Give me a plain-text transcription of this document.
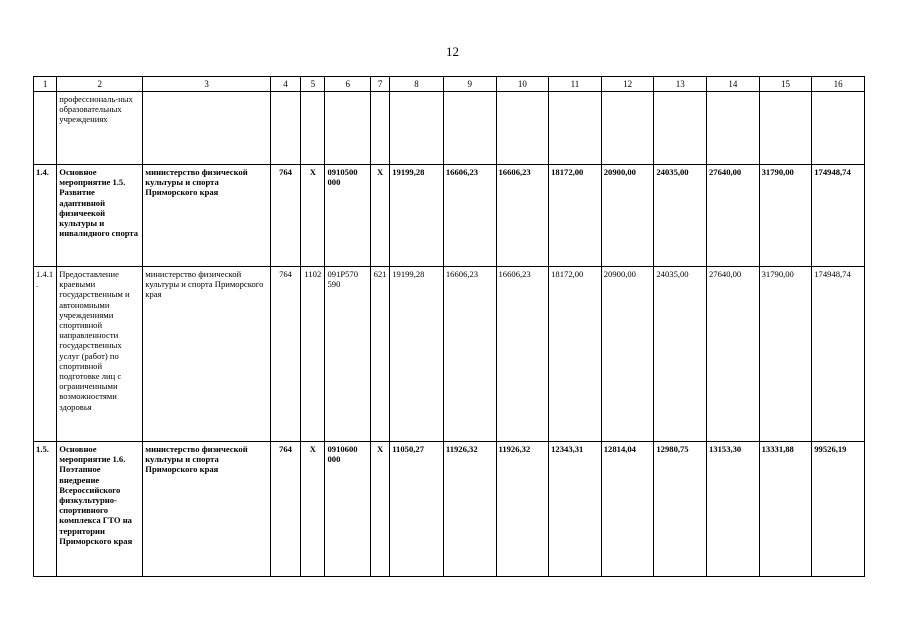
12
1	2	3	4	5	6	7	8	9	10	11	12	13	14	15	16
	профессиональ-ных образовательных учреждениях														
1.4.	Основное мероприятие 1.5. Развитие адаптивной физичеекой культуры и инвалидного спорта	министерство физической культуры и спорта Приморского края	764	Х	0910500 000	Х	19199,28	16606,23	16606,23	18172,00	20900,00	24035,00	27640,00	31790,00	174948,74
1.4.1 .	Предоставление краевыми государственным и автономными учреждениями спортивной направленности государственных услуг (работ) по спортивной подготовке лиц с ограниченными возможностями здоровья	министерство физической культуры и спорта Приморского края	764	1102	091Р570 590	621	19199,28	16606,23	16606,23	18172,00	20900,00	24035,00	27640,00	31790,00	174948,74
1.5.	Основное мероприятие 1.6. Поэтапное внедрение Всероссийского физкультурно-спортивного комплекса ГТО на территории Приморского края	министерство физической культуры и спорта Приморского края	764	Х	0910600 000	Х	11050,27	11926,32	11926,32	12343,31	12814,04	12980,75	13153,30	13331,88	99526,19
